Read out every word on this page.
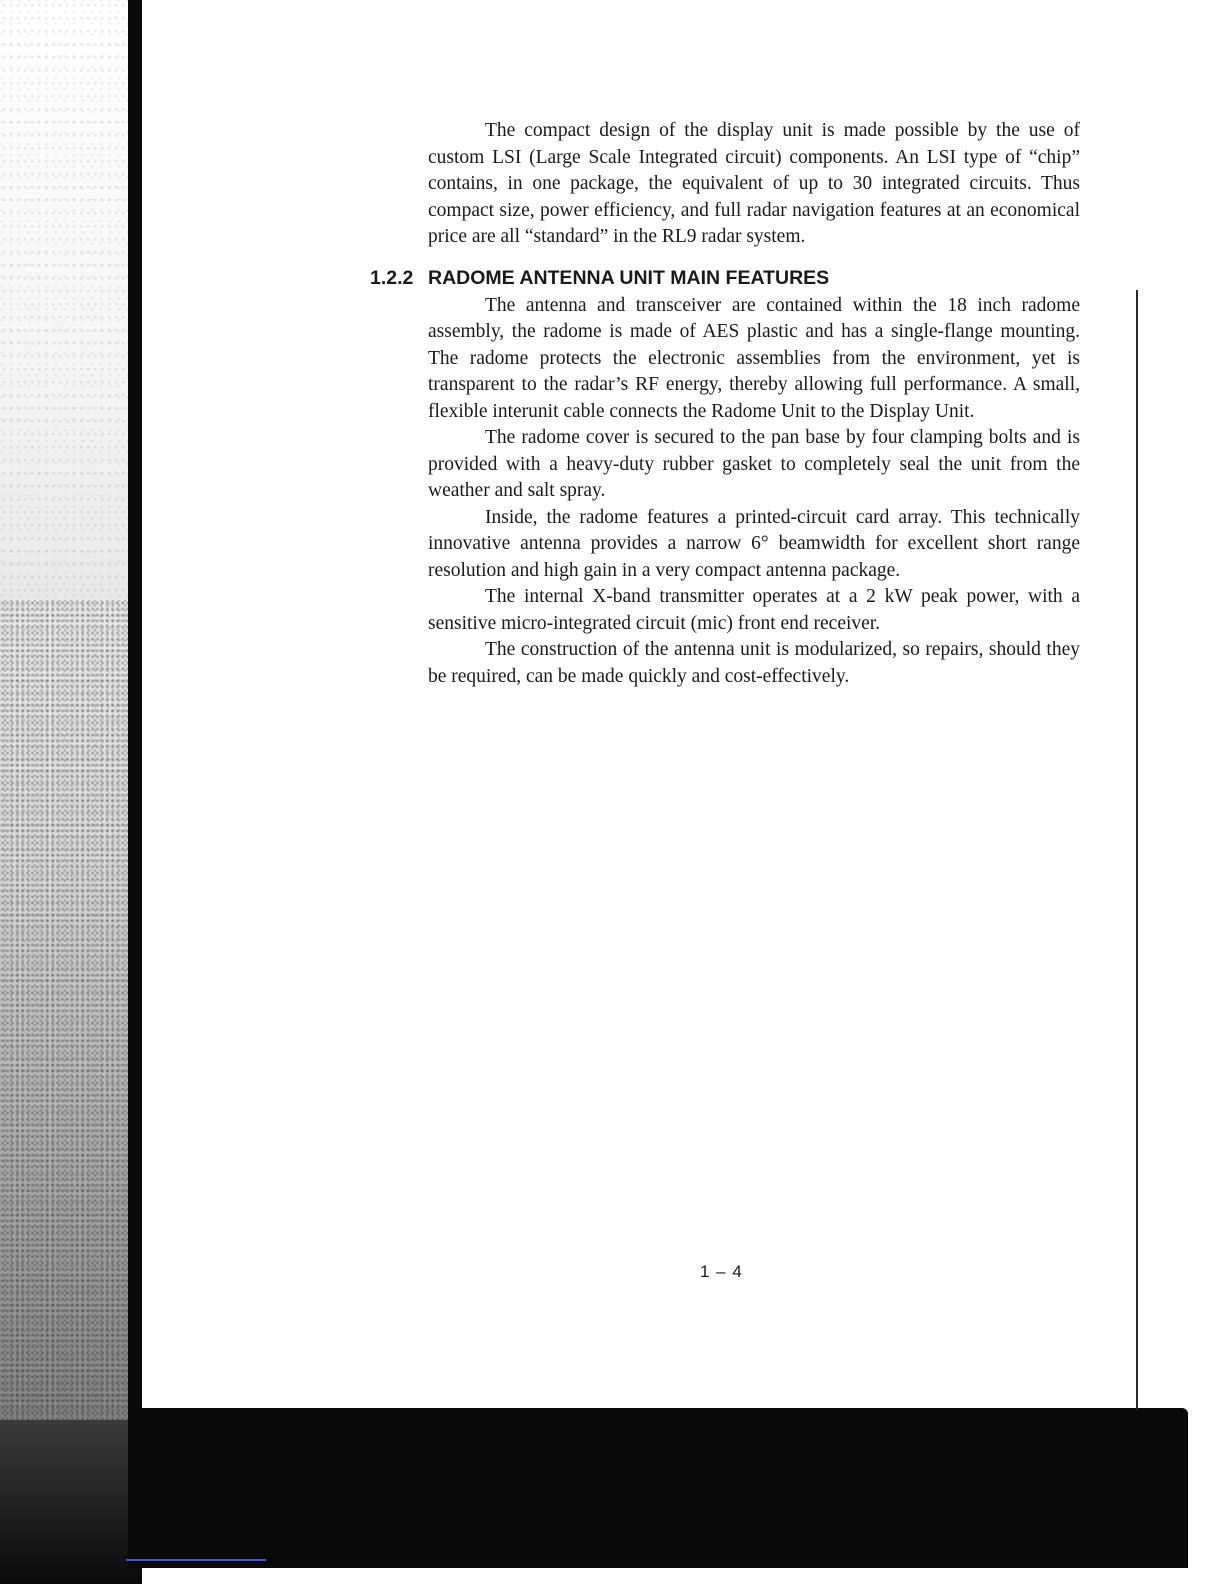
The compact design of the display unit is made possible by the use of custom LSI (Large Scale Integrated circuit) components. An LSI type of “chip” contains, in one package, the equivalent of up to 30 integrated circuits. Thus compact size, power efficiency, and full radar navigation features at an economical price are all “standard” in the RL9 radar system.

1.2.2 RADOME ANTENNA UNIT MAIN FEATURES

The antenna and transceiver are contained within the 18 inch radome assembly, the radome is made of AES plastic and has a single-flange mounting. The radome protects the electronic assemblies from the environment, yet is transparent to the radar’s RF energy, thereby allowing full performance. A small, flexible interunit cable connects the Radome Unit to the Display Unit.

The radome cover is secured to the pan base by four clamping bolts and is provided with a heavy-duty rubber gasket to completely seal the unit from the weather and salt spray.

Inside, the radome features a printed-circuit card array. This technically innovative antenna provides a narrow 6° beamwidth for excellent short range resolution and high gain in a very compact antenna package.

The internal X-band transmitter operates at a 2 kW peak power, with a sensitive micro-integrated circuit (mic) front end receiver.

The construction of the antenna unit is modularized, so repairs, should they be required, can be made quickly and cost-effectively.

1 – 4
